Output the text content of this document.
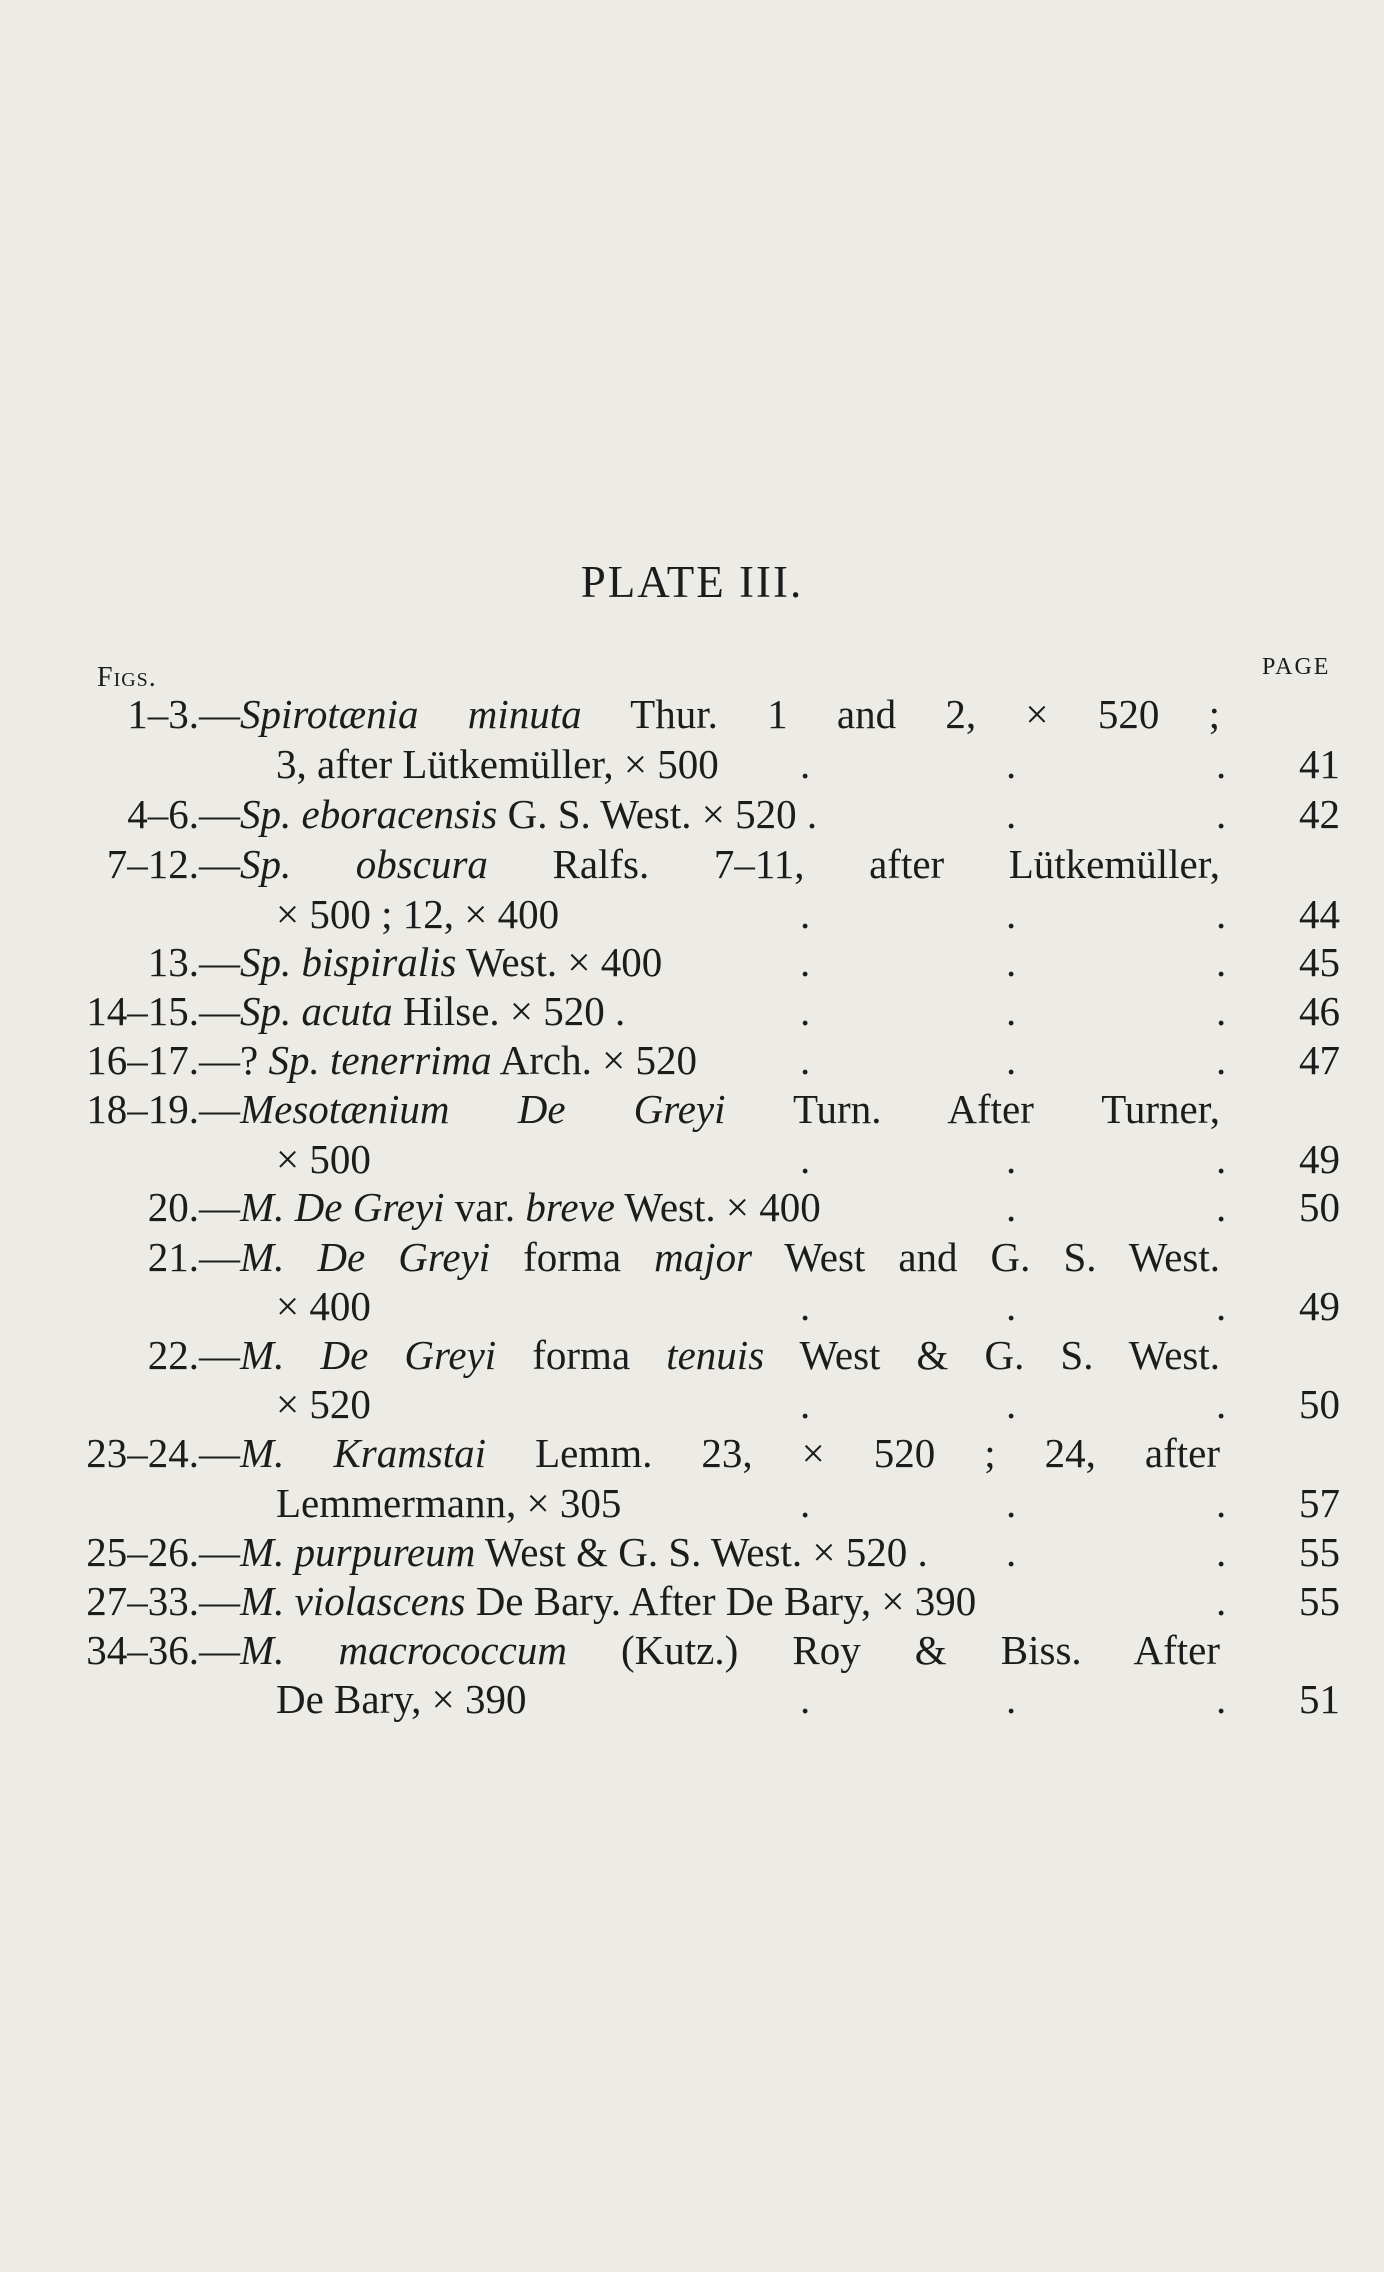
PLATE III.
Figs.	PAGE
1–3.— Spirotænia minuta Thur. 1 and 2, × 520 ;
3, after Lütkemüller, × 500	.	.	. 41
4–6.— Sp. eboracensis G. S. West. × 520 .	.	. 42
7–12.— Sp. obscura Ralfs. 7–11, after Lütkemüller,
× 500 ; 12, × 400	.	.	. 44
13.— Sp. bispiralis West. × 400	.	.	. 45
14–15.— Sp. acuta Hilse. × 520 .	.	.	. 46
16–17.— ? Sp. tenerrima Arch. × 520	.	.	. 47
18–19.— Mesotænium De Greyi Turn. After Turner,
× 500	.	.	. 49
20.— M. De Greyi var. breve West. × 400	.	. 50
21.— M. De Greyi forma major West and G. S. West.
× 400	.	.	. 49
22.— M. De Greyi forma tenuis West & G. S. West.
× 520	.	.	. 50
23–24.— M. Kramstai Lemm. 23, × 520 ; 24, after
Lemmermann, × 305	.	.	. 57
25–26.— M. purpureum West & G. S. West. × 520 .	.	. 55
27–33.— M. violascens De Bary. After De Bary, × 390	. 55
34–36.— M. macrococcum (Kutz.) Roy & Biss. After
De Bary, × 390	.	.	. 51
